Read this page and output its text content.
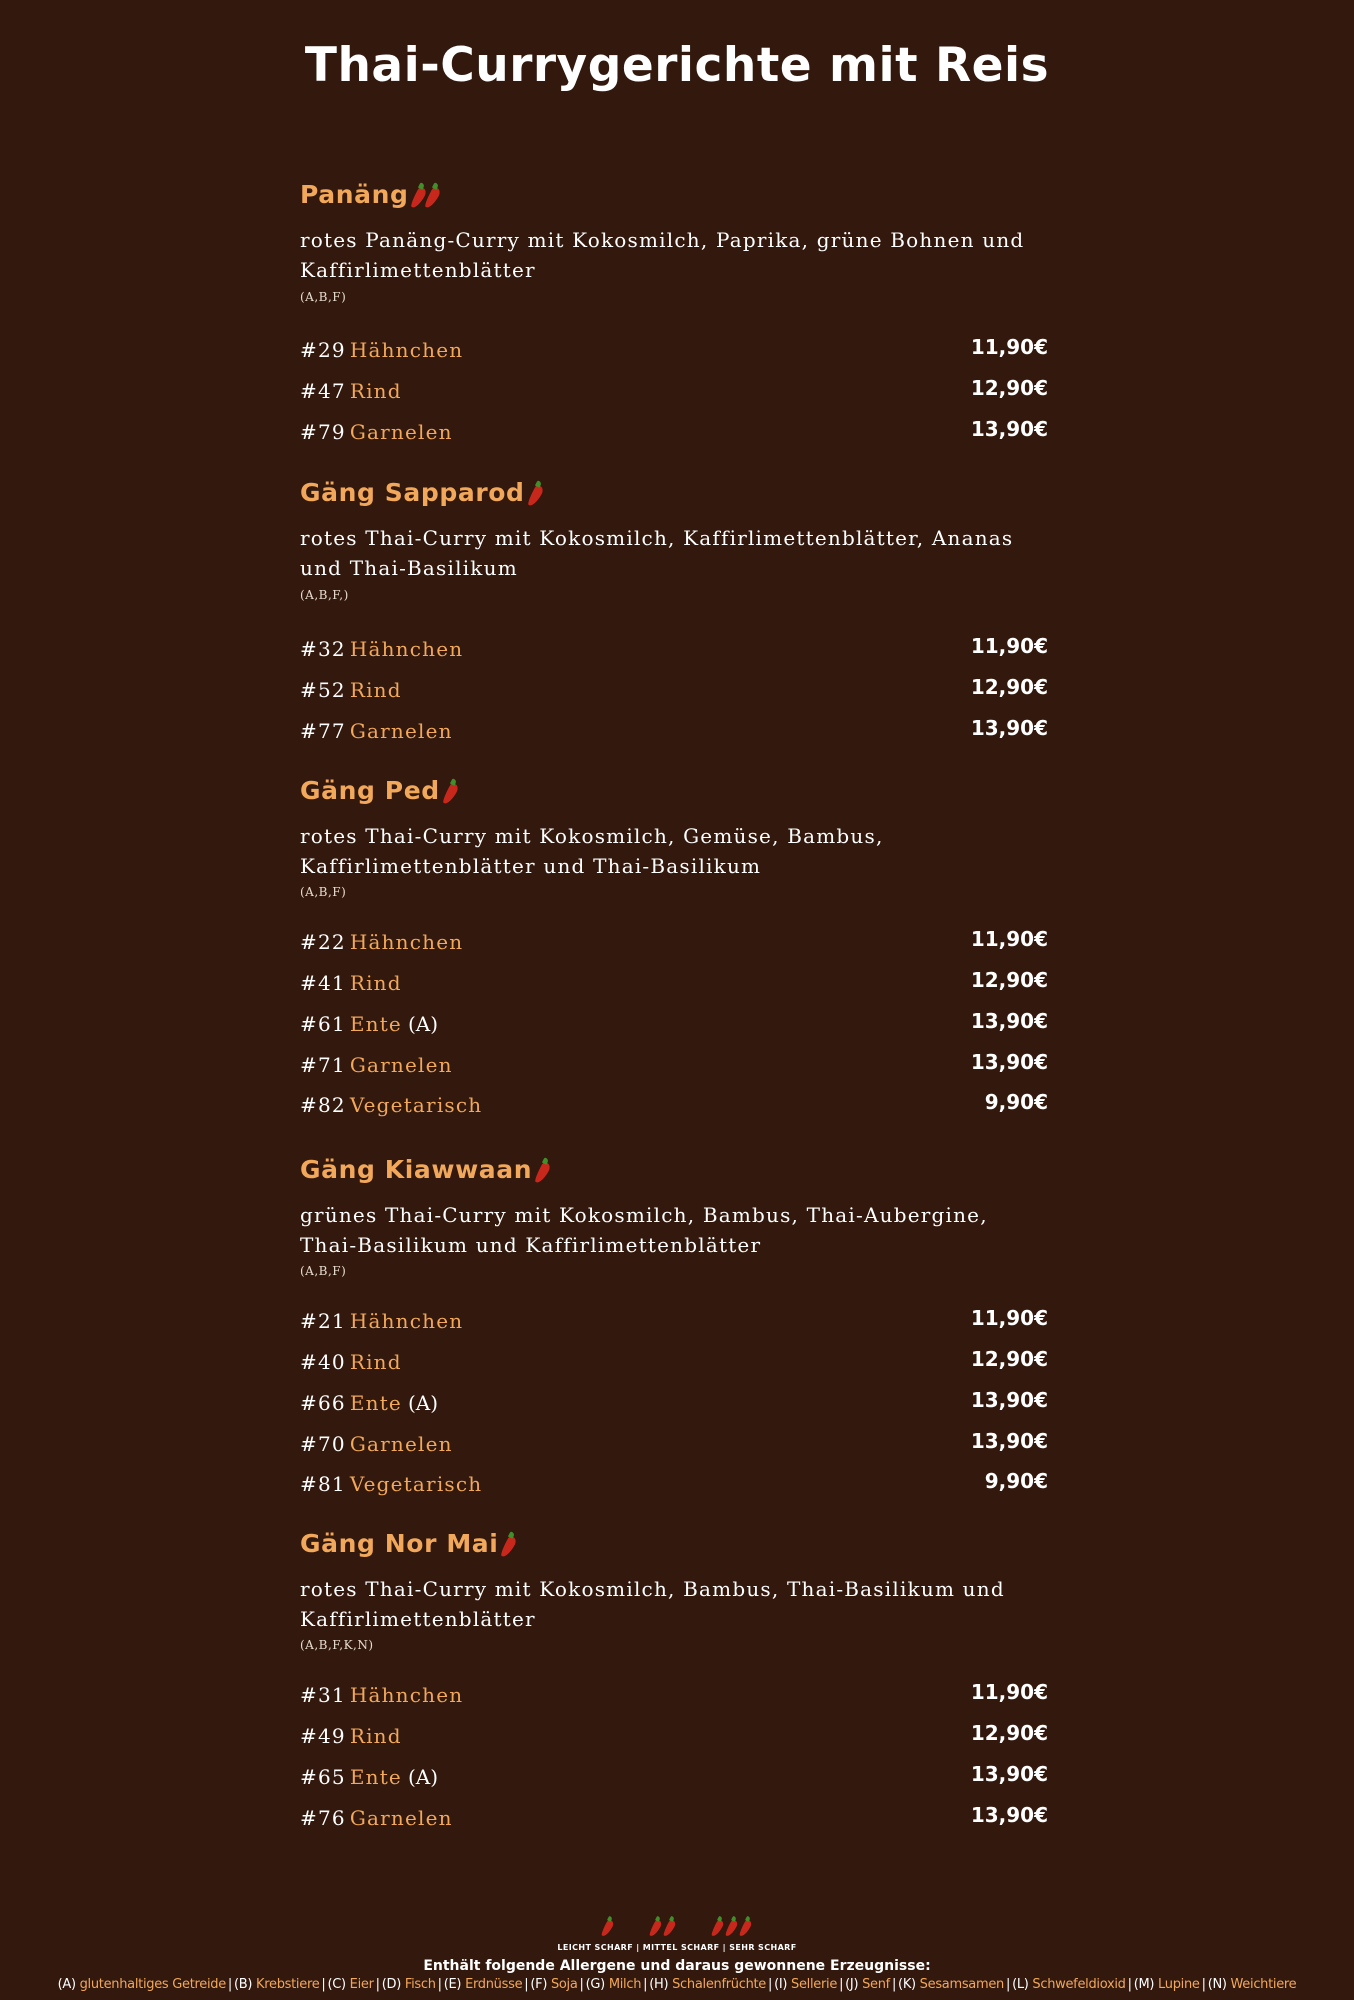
Thai-Currygerichte mit Reis
Panäng
rotes Panäng-Curry mit Kokosmilch, Paprika, grüne Bohnen und Kaffirlimettenblätter
(A,B,F)
#29 Hähnchen	11,90€
#47 Rind	12,90€
#79 Garnelen	13,90€
Gäng Sapparod
rotes Thai-Curry mit Kokosmilch, Kaffirlimettenblätter, Ananas und Thai-Basilikum
(A,B,F,)
#32 Hähnchen	11,90€
#52 Rind	12,90€
#77 Garnelen	13,90€
Gäng Ped
rotes Thai-Curry mit Kokosmilch, Gemüse, Bambus, Kaffirlimettenblätter und Thai-Basilikum
(A,B,F)
#22 Hähnchen	11,90€
#41 Rind	12,90€
#61 Ente (A)	13,90€
#71 Garnelen	13,90€
#82 Vegetarisch	9,90€
Gäng Kiawwaan
grünes Thai-Curry mit Kokosmilch, Bambus, Thai-Aubergine, Thai-Basilikum und Kaffirlimettenblätter
(A,B,F)
#21 Hähnchen	11,90€
#40 Rind	12,90€
#66 Ente (A)	13,90€
#70 Garnelen	13,90€
#81 Vegetarisch	9,90€
Gäng Nor Mai
rotes Thai-Curry mit Kokosmilch, Bambus, Thai-Basilikum und Kaffirlimettenblätter
(A,B,F,K,N)
#31 Hähnchen	11,90€
#49 Rind	12,90€
#65 Ente (A)	13,90€
#76 Garnelen	13,90€
LEICHT SCHARF | MITTEL SCHARF | SEHR SCHARF
Enthält folgende Allergene und daraus gewonnene Erzeugnisse:
(A) glutenhaltiges Getreide | (B) Krebstiere | (C) Eier | (D) Fisch | (E) Erdnüsse | (F) Soja | (G) Milch | (H) Schalenfrüchte | (I) Sellerie | (J) Senf | (K) Sesamsamen | (L) Schwefeldioxid | (M) Lupine | (N) Weichtiere
